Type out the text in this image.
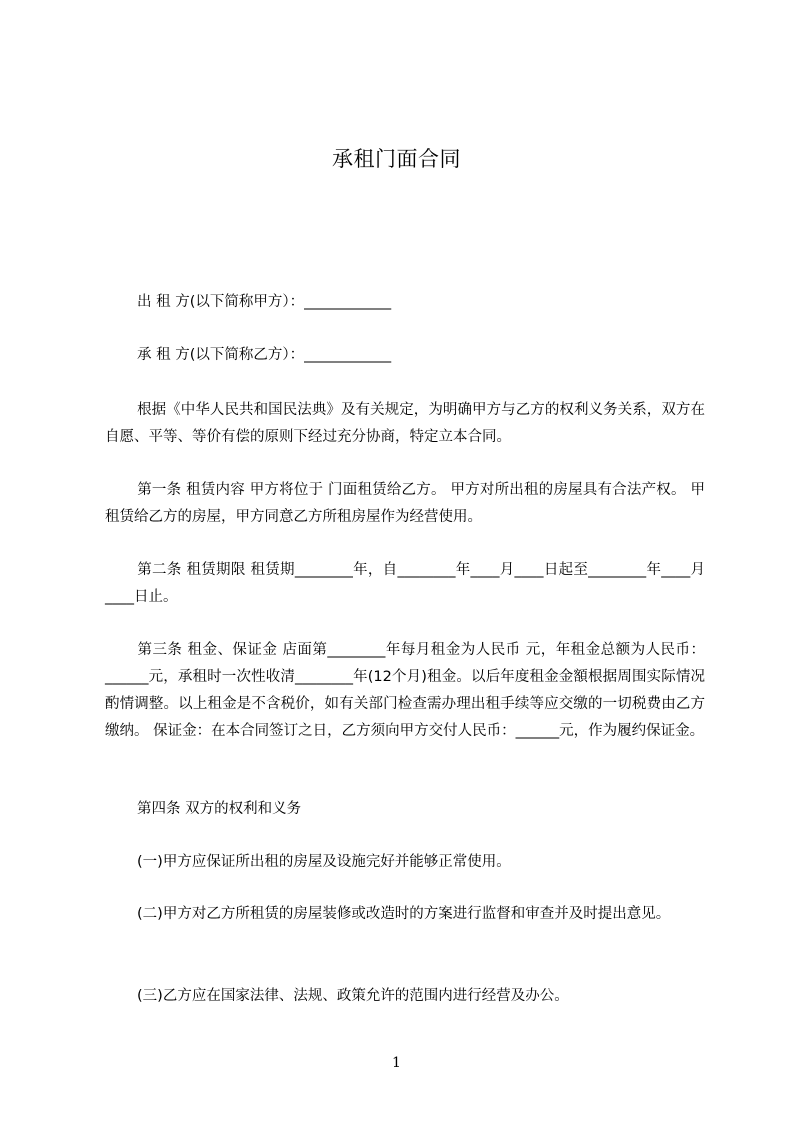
承租门面合同
出 租 方(以下简称甲方）：____________
承 租 方(以下简称乙方）：____________

根据《中华人民共和国民法典》及有关规定，为明确甲方与乙方的权利义务关系，双方在自愿、平等、等价有偿的原则下经过充分协商，特定立本合同。

第一条 租赁内容 甲方将位于 门面租赁给乙方。 甲方对所出租的房屋具有合法产权。 甲租赁给乙方的房屋，甲方同意乙方所租房屋作为经营使用。

第二条 租赁期限 租赁期________年，自________年____月____日起至________年____月____日止。

第三条 租金、保证金 店面第________年每月租金为人民币 元，年租金总额为人民币：______元，承租时一次性收清________年(12个月)租金。以后年度租金金額根据周围实际情况酌情调整。以上租金是不含税价，如有关部门检查需办理出租手续等应交缴的一切税费由乙方缴纳。 保证金：在本合同签订之日，乙方须向甲方交付人民币：______元，作为履约保证金。

第四条 双方的权利和义务

(一)甲方应保证所出租的房屋及设施完好并能够正常使用。

(二)甲方对乙方所租赁的房屋装修或改造时的方案进行监督和审查并及时提出意见。

(三)乙方应在国家法律、法规、政策允许的范围内进行经营及办公。

1
